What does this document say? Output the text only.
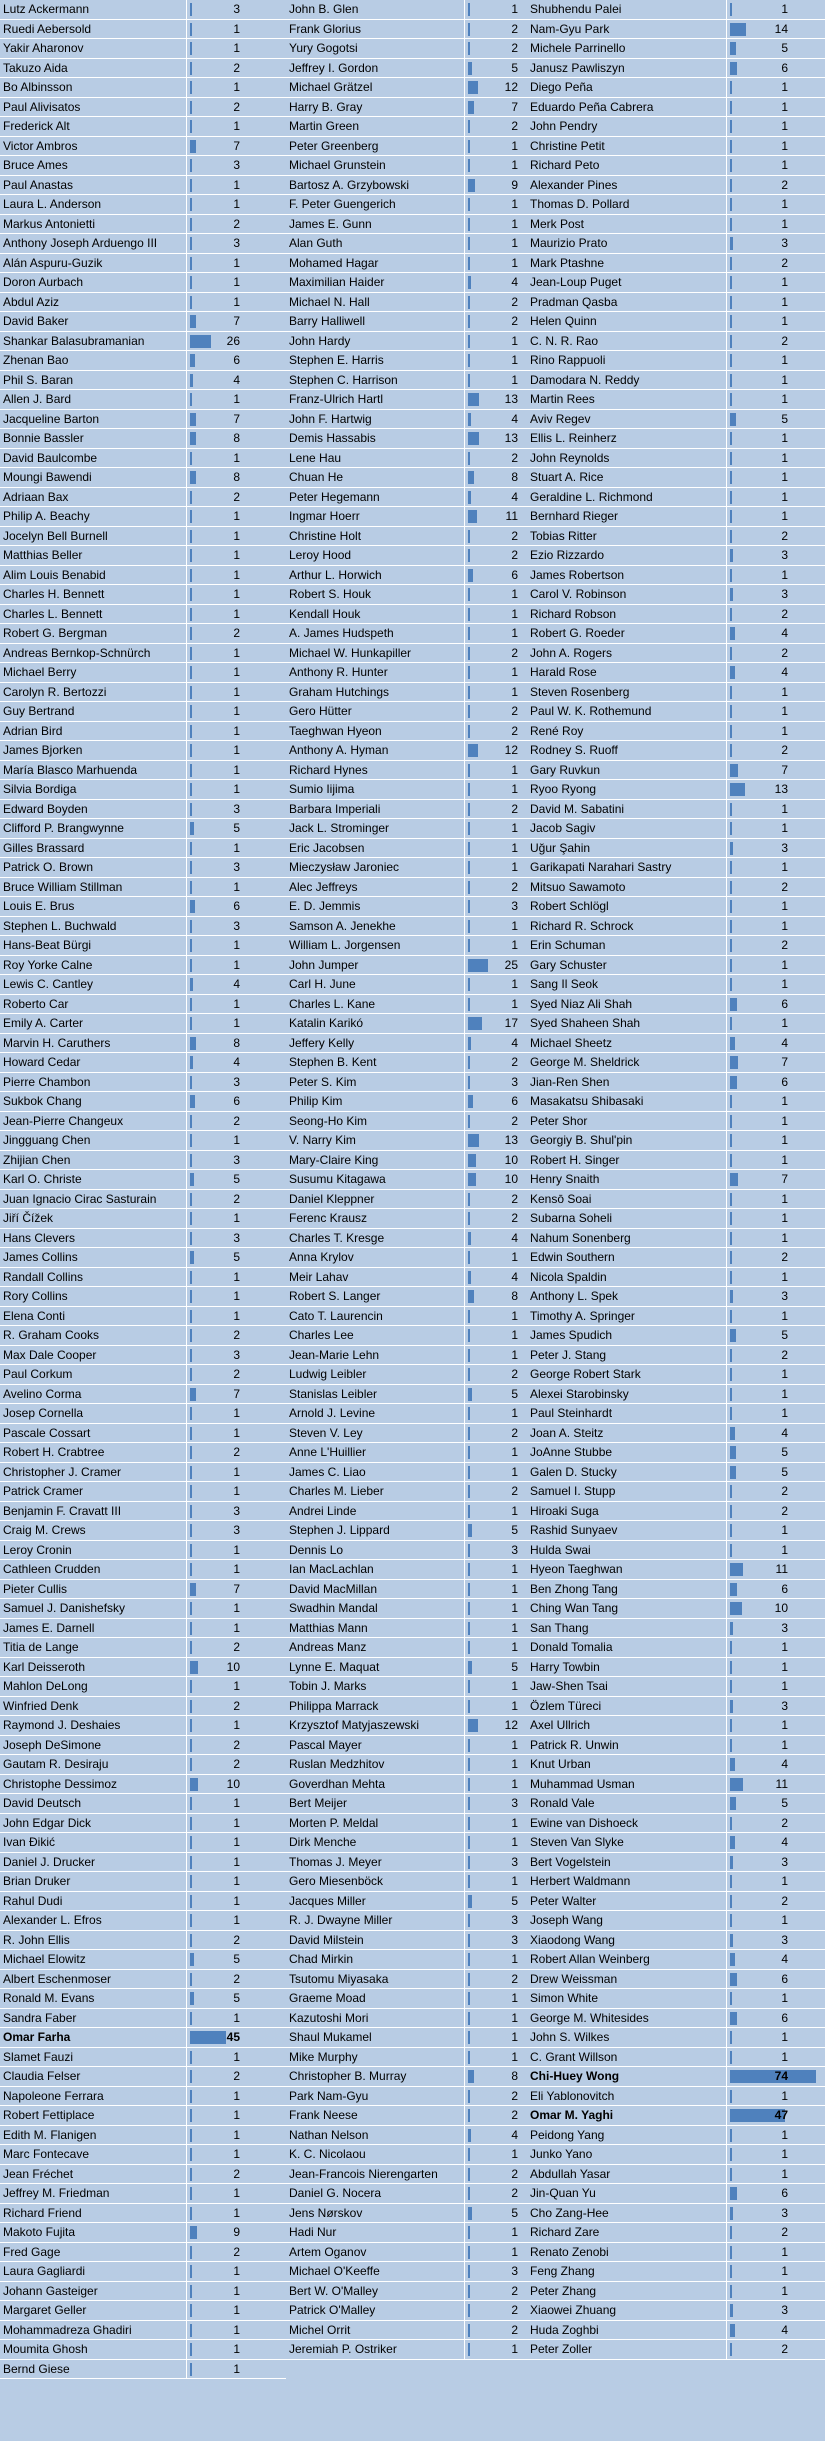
Lutz Ackermann	3
Ruedi Aebersold	1
Yakir Aharonov	1
Takuzo Aida	2
Bo Albinsson	1
Paul Alivisatos	2
Frederick Alt	1
Victor Ambros	7
Bruce Ames	3
Paul Anastas	1
Laura L. Anderson	1
Markus Antonietti	2
Anthony Joseph Arduengo III	3
Alán Aspuru-Guzik	1
Doron Aurbach	1
Abdul Aziz	1
David Baker	7
Shankar Balasubramanian	26
Zhenan Bao	6
Phil S. Baran	4
Allen J. Bard	1
Jacqueline Barton	7
Bonnie Bassler	8
David Baulcombe	1
Moungi Bawendi	8
Adriaan Bax	2
Philip A. Beachy	1
Jocelyn Bell Burnell	1
Matthias Beller	1
Alim Louis Benabid	1
Charles H. Bennett	1
Charles L. Bennett	1
Robert G. Bergman	2
Andreas Bernkop-Schnürch	1
Michael Berry	1
Carolyn R. Bertozzi	1
Guy Bertrand	1
Adrian Bird	1
James Bjorken	1
María Blasco Marhuenda	1
Silvia Bordiga	1
Edward Boyden	3
Clifford P. Brangwynne	5
Gilles Brassard	1
Patrick O. Brown	3
Bruce William Stillman	1
Louis E. Brus	6
Stephen L. Buchwald	3
Hans-Beat Bürgi	1
Roy Yorke Calne	1
Lewis C. Cantley	4
Roberto Car	1
Emily A. Carter	1
Marvin H. Caruthers	8
Howard Cedar	4
Pierre Chambon	3
Sukbok Chang	6
Jean-Pierre Changeux	2
Jingguang Chen	1
Zhijian Chen	3
Karl O. Christe	5
Juan Ignacio Cirac Sasturain	2
Jiří Čížek	1
Hans Clevers	3
James Collins	5
Randall Collins	1
Rory Collins	1
Elena Conti	1
R. Graham Cooks	2
Max Dale Cooper	3
Paul Corkum	2
Avelino Corma	7
Josep Cornella	1
Pascale Cossart	1
Robert H. Crabtree	2
Christopher J. Cramer	1
Patrick Cramer	1
Benjamin F. Cravatt III	3
Craig M. Crews	3
Leroy Cronin	1
Cathleen Crudden	1
Pieter Cullis	7
Samuel J. Danishefsky	1
James E. Darnell	1
Titia de Lange	2
Karl Deisseroth	10
Mahlon DeLong	1
Winfried Denk	2
Raymond J. Deshaies	1
Joseph DeSimone	2
Gautam R. Desiraju	2
Christophe Dessimoz	10
David Deutsch	1
John Edgar Dick	1
Ivan Đikić	1
Daniel J. Drucker	1
Brian Druker	1
Rahul Dudi	1
Alexander L. Efros	1
R. John Ellis	2
Michael Elowitz	5
Albert Eschenmoser	2
Ronald M. Evans	5
Sandra Faber	1
Omar Farha	45
Slamet Fauzi	1
Claudia Felser	2
Napoleone Ferrara	1
Robert Fettiplace	1
Edith M. Flanigen	1
Marc Fontecave	1
Jean Fréchet	2
Jeffrey M. Friedman	1
Richard Friend	1
Makoto Fujita	9
Fred Gage	2
Laura Gagliardi	1
Johann Gasteiger	1
Margaret Geller	1
Mohammadreza Ghadiri	1
Moumita Ghosh	1
Bernd Giese	1
John B. Glen	1
Frank Glorius	2
Yury Gogotsi	2
Jeffrey I. Gordon	5
Michael Grätzel	12
Harry B. Gray	7
Martin Green	2
Peter Greenberg	1
Michael Grunstein	1
Bartosz A. Grzybowski	9
F. Peter Guengerich	1
James E. Gunn	1
Alan Guth	1
Mohamed Hagar	1
Maximilian Haider	4
Michael N. Hall	2
Barry Halliwell	2
John Hardy	1
Stephen E. Harris	1
Stephen C. Harrison	1
Franz-Ulrich Hartl	13
John F. Hartwig	4
Demis Hassabis	13
Lene Hau	2
Chuan He	8
Peter Hegemann	4
Ingmar Hoerr	11
Christine Holt	2
Leroy Hood	2
Arthur L. Horwich	6
Robert S. Houk	1
Kendall Houk	1
A. James Hudspeth	1
Michael W. Hunkapiller	2
Anthony R. Hunter	1
Graham Hutchings	1
Gero Hütter	2
Taeghwan Hyeon	2
Anthony A. Hyman	12
Richard Hynes	1
Sumio Iijima	1
Barbara Imperiali	2
Jack L. Strominger	1
Eric Jacobsen	1
Mieczysław Jaroniec	1
Alec Jeffreys	2
E. D. Jemmis	3
Samson A. Jenekhe	1
William L. Jorgensen	1
John Jumper	25
Carl H. June	1
Charles L. Kane	1
Katalin Karikó	17
Jeffery Kelly	4
Stephen B. Kent	2
Peter S. Kim	3
Philip Kim	6
Seong-Ho Kim	2
V. Narry Kim	13
Mary-Claire King	10
Susumu Kitagawa	10
Daniel Kleppner	2
Ferenc Krausz	2
Charles T. Kresge	4
Anna Krylov	1
Meir Lahav	4
Robert S. Langer	8
Cato T. Laurencin	1
Charles Lee	1
Jean-Marie Lehn	1
Ludwig Leibler	2
Stanislas Leibler	5
Arnold J. Levine	1
Steven V. Ley	2
Anne L'Huillier	1
James C. Liao	1
Charles M. Lieber	2
Andrei Linde	1
Stephen J. Lippard	5
Dennis Lo	3
Ian MacLachlan	1
David MacMillan	1
Swadhin Mandal	1
Matthias Mann	1
Andreas Manz	1
Lynne E. Maquat	5
Tobin J. Marks	1
Philippa Marrack	1
Krzysztof Matyjaszewski	12
Pascal Mayer	1
Ruslan Medzhitov	1
Goverdhan Mehta	1
Bert Meijer	3
Morten P. Meldal	1
Dirk Menche	1
Thomas J. Meyer	3
Gero Miesenböck	1
Jacques Miller	5
R. J. Dwayne Miller	3
David Milstein	3
Chad Mirkin	1
Tsutomu Miyasaka	2
Graeme Moad	1
Kazutoshi Mori	1
Shaul Mukamel	1
Mike Murphy	1
Christopher B. Murray	8
Park Nam-Gyu	2
Frank Neese	2
Nathan Nelson	4
K. C. Nicolaou	1
Jean-Francois Nierengarten	2
Daniel G. Nocera	2
Jens Nørskov	5
Hadi Nur	1
Artem Oganov	1
Michael O'Keeffe	3
Bert W. O'Malley	2
Patrick O'Malley	2
Michel Orrit	2
Jeremiah P. Ostriker	1
Shubhendu Palei	1
Nam-Gyu Park	14
Michele Parrinello	5
Janusz Pawliszyn	6
Diego Peña	1
Eduardo Peña Cabrera	1
John Pendry	1
Christine Petit	1
Richard Peto	1
Alexander Pines	2
Thomas D. Pollard	1
Merk Post	1
Maurizio Prato	3
Mark Ptashne	2
Jean-Loup Puget	1
Pradman Qasba	1
Helen Quinn	1
C. N. R. Rao	2
Rino Rappuoli	1
Damodara N. Reddy	1
Martin Rees	1
Aviv Regev	5
Ellis L. Reinherz	1
John Reynolds	1
Stuart A. Rice	1
Geraldine L. Richmond	1
Bernhard Rieger	1
Tobias Ritter	2
Ezio Rizzardo	3
James Robertson	1
Carol V. Robinson	3
Richard Robson	2
Robert G. Roeder	4
John A. Rogers	2
Harald Rose	4
Steven Rosenberg	1
Paul W. K. Rothemund	1
René Roy	1
Rodney S. Ruoff	2
Gary Ruvkun	7
Ryoo Ryong	13
David M. Sabatini	1
Jacob Sagiv	1
Uğur Şahin	3
Garikapati Narahari Sastry	1
Mitsuo Sawamoto	2
Robert Schlögl	1
Richard R. Schrock	1
Erin Schuman	2
Gary Schuster	1
Sang Il Seok	1
Syed Niaz Ali Shah	6
Syed Shaheen Shah	1
Michael Sheetz	4
George M. Sheldrick	7
Jian-Ren Shen	6
Masakatsu Shibasaki	1
Peter Shor	1
Georgiy B. Shul'pin	1
Robert H. Singer	1
Henry Snaith	7
Kensō Soai	1
Subarna Soheli	1
Nahum Sonenberg	1
Edwin Southern	2
Nicola Spaldin	1
Anthony L. Spek	3
Timothy A. Springer	1
James Spudich	5
Peter J. Stang	2
George Robert Stark	1
Alexei Starobinsky	1
Paul Steinhardt	1
Joan A. Steitz	4
JoAnne Stubbe	5
Galen D. Stucky	5
Samuel I. Stupp	2
Hiroaki Suga	2
Rashid Sunyaev	1
Hulda Swai	1
Hyeon Taeghwan	11
Ben Zhong Tang	6
Ching Wan Tang	10
San Thang	3
Donald Tomalia	1
Harry Towbin	1
Jaw-Shen Tsai	1
Özlem Türeci	3
Axel Ullrich	1
Patrick R. Unwin	1
Knut Urban	4
Muhammad Usman	11
Ronald Vale	5
Ewine van Dishoeck	2
Steven Van Slyke	4
Bert Vogelstein	3
Herbert Waldmann	1
Peter Walter	2
Joseph Wang	1
Xiaodong Wang	3
Robert Allan Weinberg	4
Drew Weissman	6
Simon White	1
George M. Whitesides	6
John S. Wilkes	1
C. Grant Willson	1
Chi-Huey Wong	74
Eli Yablonovitch	1
Omar M. Yaghi	47
Peidong Yang	1
Junko Yano	1
Abdullah Yasar	1
Jin-Quan Yu	6
Cho Zang-Hee	3
Richard Zare	2
Renato Zenobi	1
Feng Zhang	1
Peter Zhang	1
Xiaowei Zhuang	3
Huda Zoghbi	4
Peter Zoller	2
